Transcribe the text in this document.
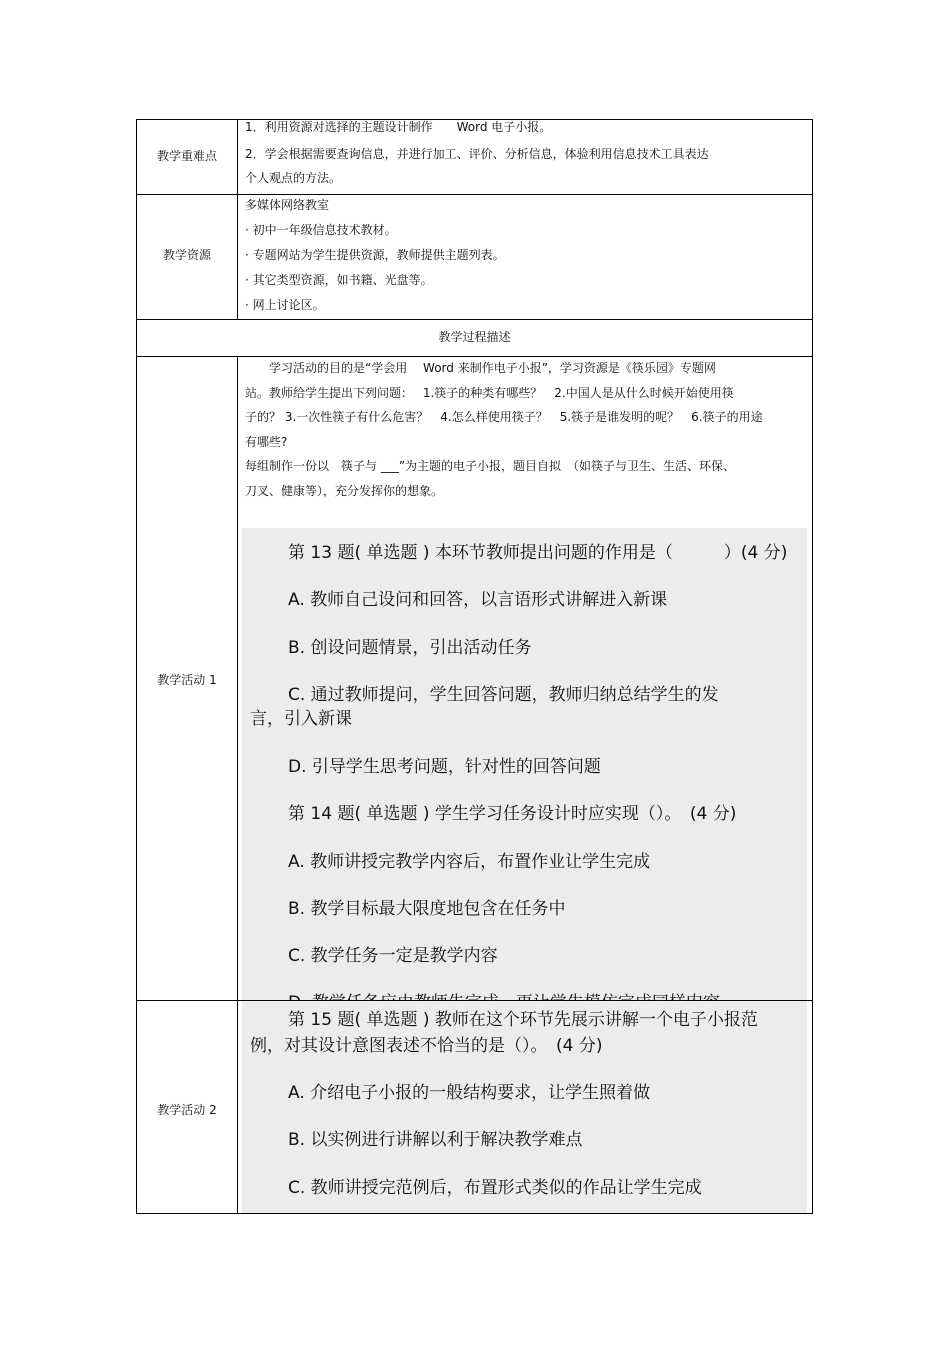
教学重难点

1．利用资源对选择的主题设计制作　　Word 电子小报。

2．学会根据需要查询信息，并进行加工、评价、分析信息，体验利用信息技术工具表达

个人观点的方法。

教学资源

多媒体网络教室

· 初中一年级信息技术教材。

· 专题网站为学生提供资源，教师提供主题列表。

· 其它类型资源，如书籍、光盘等。

· 网上讨论区。

教学过程描述
教学活动 1

　　学习活动的目的是“学会用　 Word 来制作电子小报”，学习资源是《筷乐园》专题网

站。教师给学生提出下列问题：　 1.筷子的种类有哪些？　2.中国人是从什么时候开始使用筷

子的？ 3.一次性筷子有什么危害？　4.怎么样使用筷子？　5.筷子是谁发明的呢？　6.筷子的用途

有哪些?

每组制作一份以　筷子与 ___”为主题的电子小报，题目自拟　（如筷子与卫生、生活、环保、

刀叉、健康等），充分发挥你的想象。

第 13 题( 单选题 ) 本环节教师提出问题的作用是（　　　）(4 分)
A. 教师自己设问和回答，以言语形式讲解进入新课
B. 创设问题情景，引出活动任务
C. 通过教师提问，学生回答问题，教师归纳总结学生的发
言，引入新课
D. 引导学生思考问题，针对性的回答问题
第 14 题( 单选题 ) 学生学习任务设计时应实现（）。　(4 分)
A. 教师讲授完教学内容后，布置作业让学生完成
B. 教学目标最大限度地包含在任务中
C. 教学任务一定是教学内容
教学活动 2
第 15 题( 单选题 ) 教师在这个环节先展示讲解一个电子小报范
例，对其设计意图表述不恰当的是（）。　(4 分)
A. 介绍电子小报的一般结构要求，让学生照着做
B. 以实例进行讲解以利于解决教学难点
C. 教师讲授完范例后，布置形式类似的作品让学生完成
